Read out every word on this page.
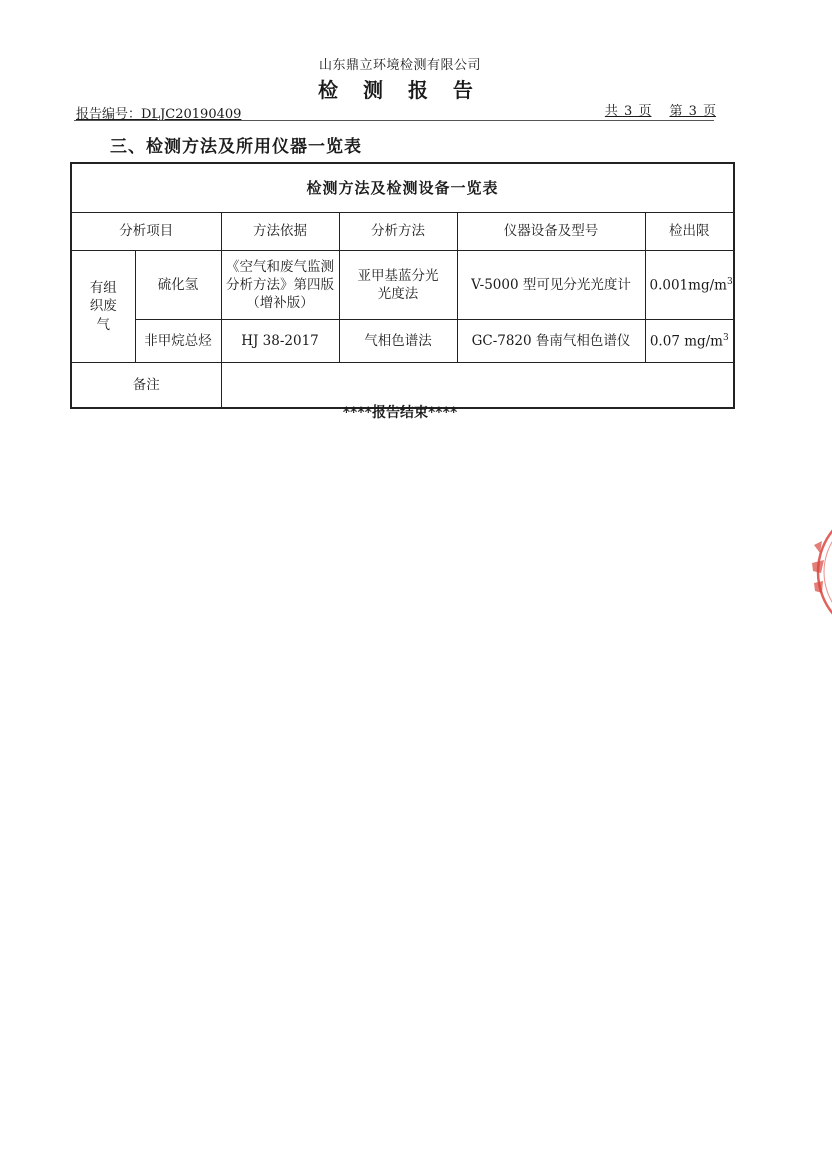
山东鼎立环境检测有限公司
检 测 报 告
报告编号：DLJC20190409	共 3 页 第 3 页
三、检测方法及所用仪器一览表
检测方法及检测设备一览表					
分析项目		方法依据	分析方法	仪器设备及型号	检出限
有组织废气	硫化氢	《空气和废气监测分析方法》第四版（增补版）	亚甲基蓝分光光度法	V-5000 型可见分光光度计	$0.001mg/m^3$
	非甲烷总烃	HJ 38-2017	气相色谱法	GC-7820 鲁南气相色谱仪	0.07 $mg/m^3$
备注					
****报告结束****
